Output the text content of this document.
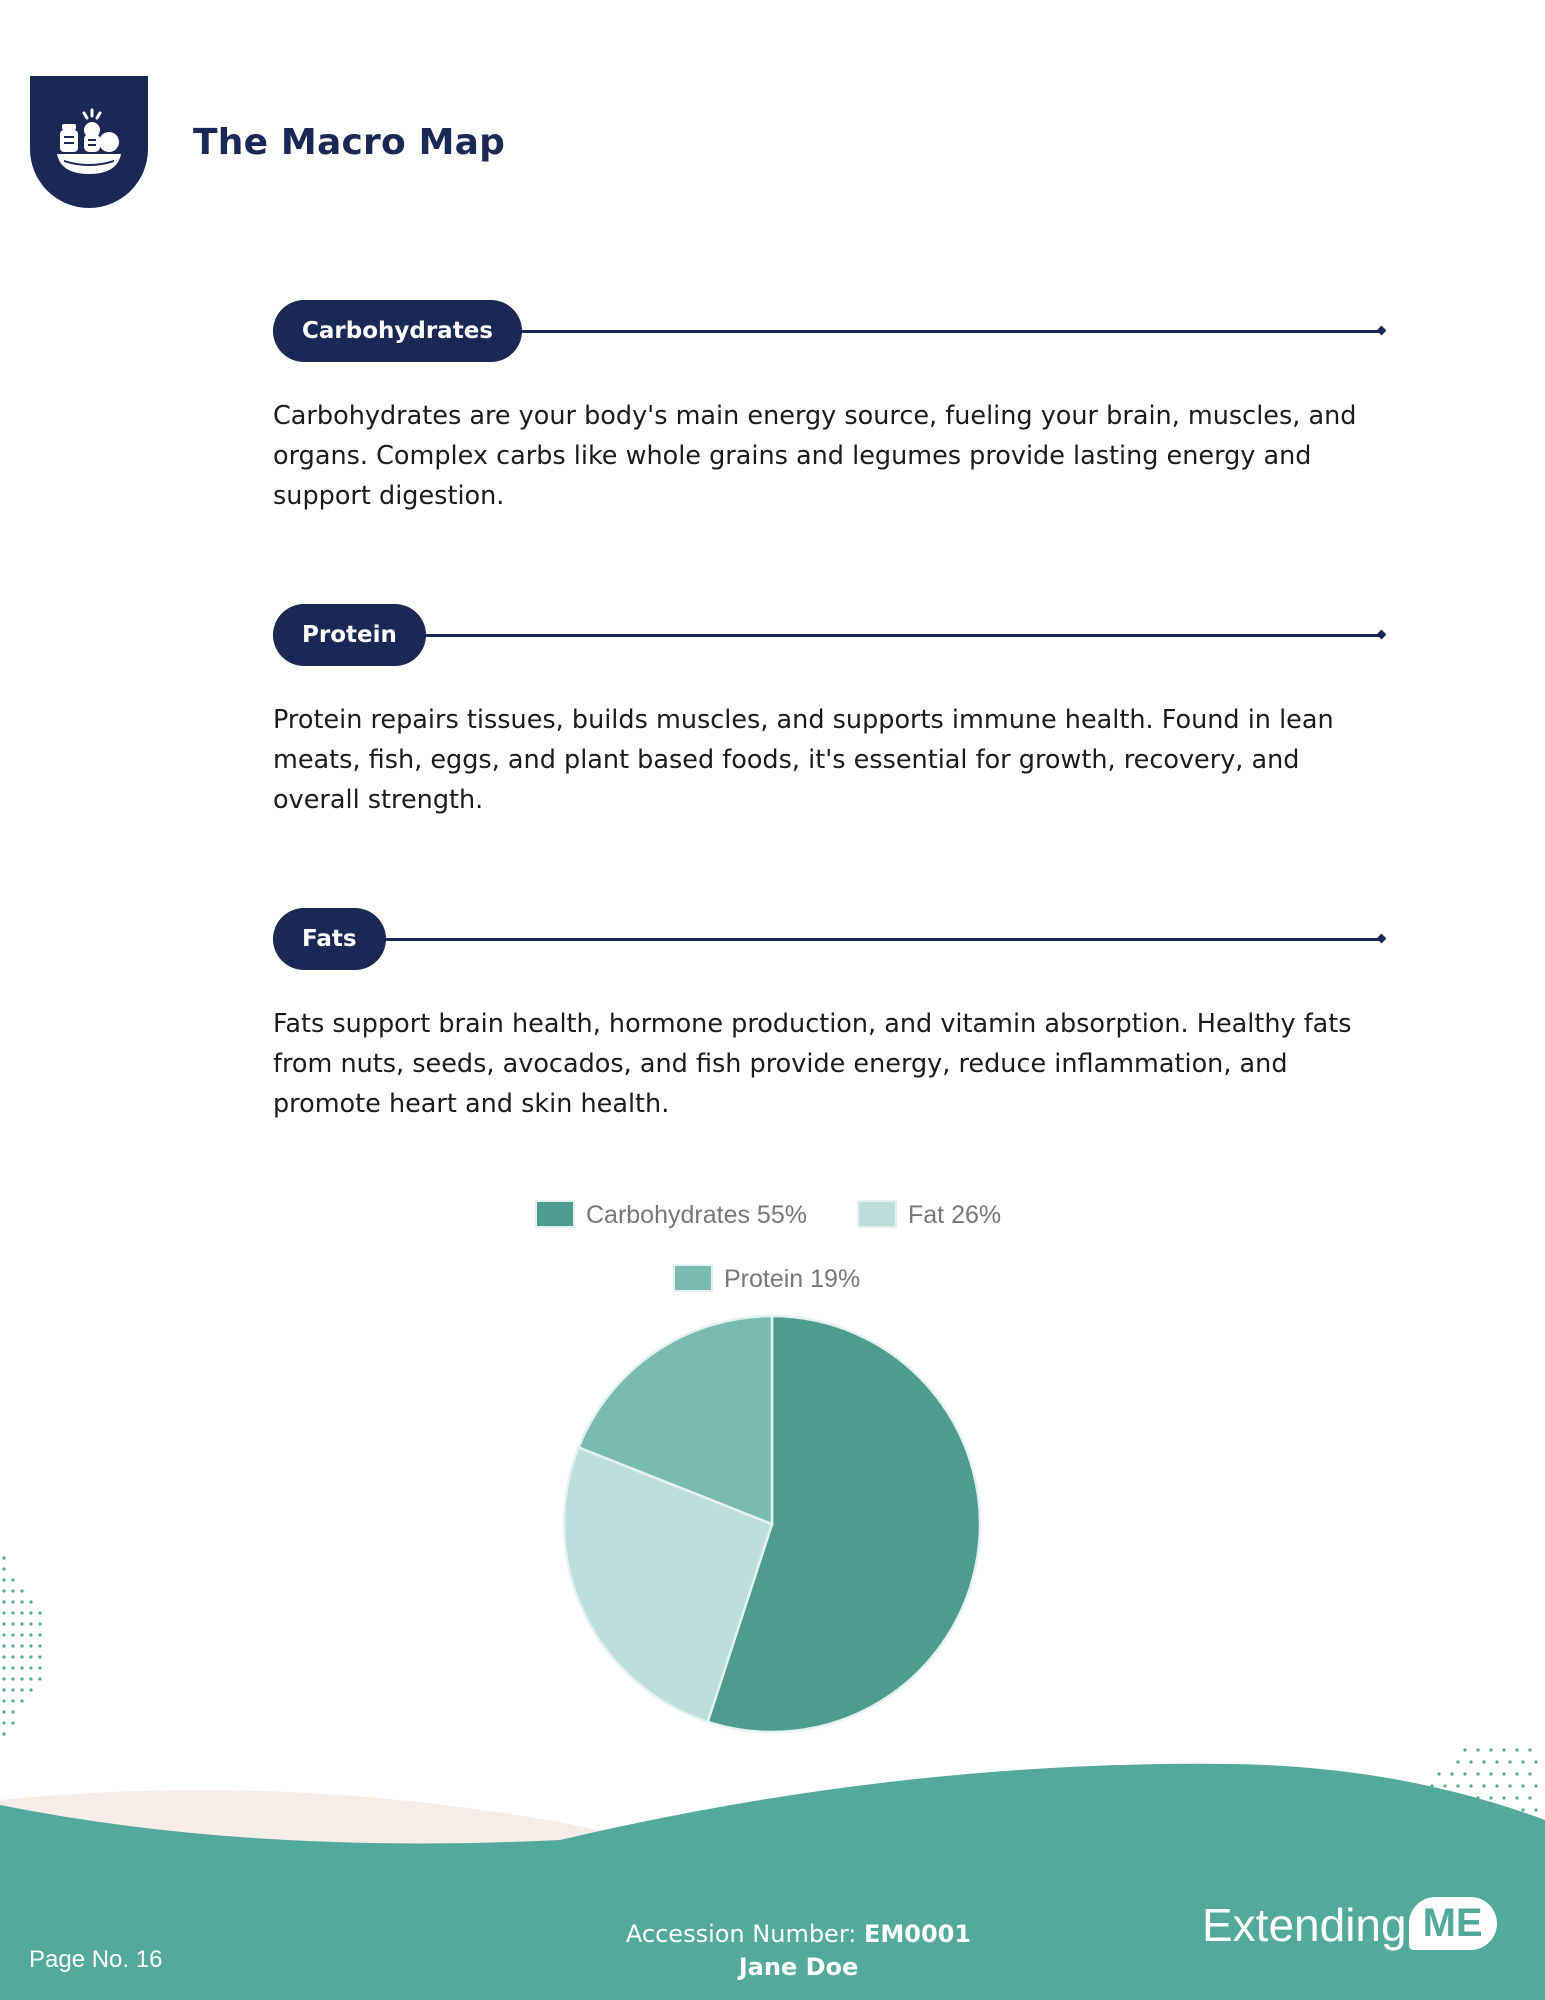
The Macro Map
Carbohydrates

Carbohydrates are your body's main energy source, fueling your brain, muscles, and organs. Complex carbs like whole grains and legumes provide lasting energy and support digestion.

Protein

Protein repairs tissues, builds muscles, and supports immune health. Found in lean meats, fish, eggs, and plant based foods, it's essential for growth, recovery, and overall strength.

Fats

Fats support brain health, hormone production, and vitamin absorption. Healthy fats from nuts, seeds, avocados, and fish provide energy, reduce inflammation, and promote heart and skin health.

Carbohydrates 55%	Fat 26%
Protein 19%
Page No. 16
Accession Number: EM0001
Jane Doe
Extending ME
